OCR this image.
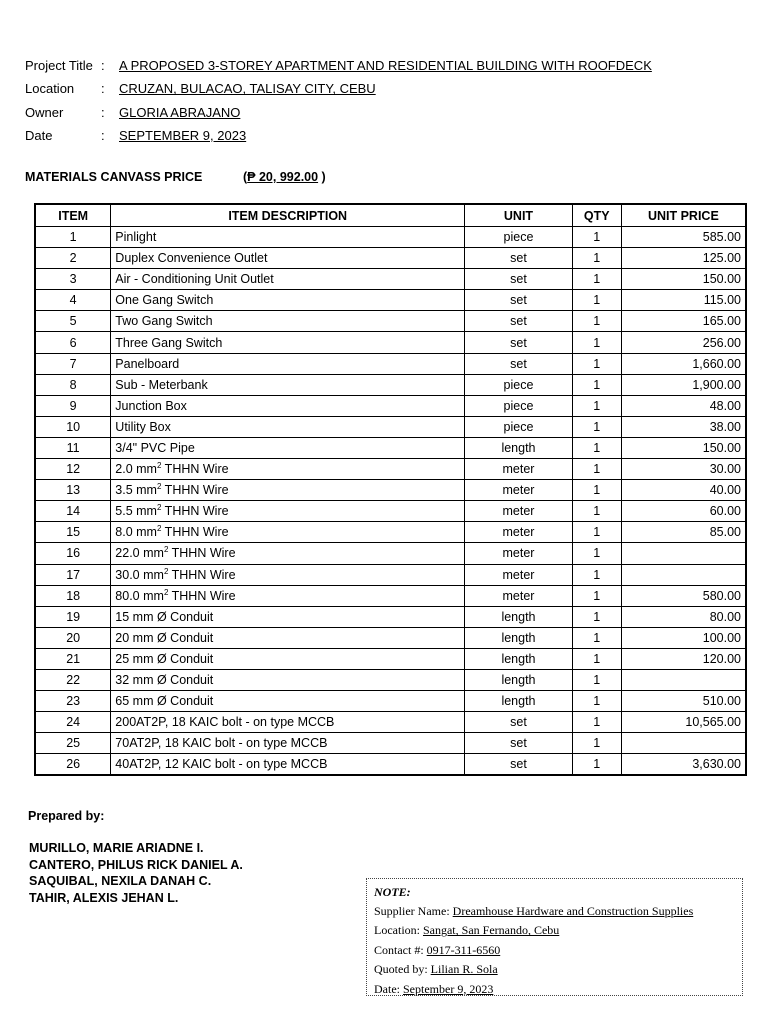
Project Title :	A PROPOSED 3-STOREY APARTMENT AND RESIDENTIAL BUILDING WITH ROOFDECK
Location	:	CRUZAN, BULACAO, TALISAY CITY, CEBU
Owner	:	GLORIA ABRAJANO
Date	:	SEPTEMBER 9, 2023
MATERIALS CANVASS PRICE	( ₱ 20, 992.00 )
ITEM	ITEM DESCRIPTION	UNIT	QTY	UNIT PRICE
1	Pinlight	piece	1	585.00
2	Duplex Convenience Outlet	set	1	125.00
3	Air - Conditioning Unit Outlet	set	1	150.00
4	One Gang Switch	set	1	115.00
5	Two Gang Switch	set	1	165.00
6	Three Gang Switch	set	1	256.00
7	Panelboard	set	1	1,660.00
8	Sub - Meterbank	piece	1	1,900.00
9	Junction Box	piece	1	48.00
10	Utility Box	piece	1	38.00
11	3/4" PVC Pipe	length	1	150.00
12	2.0 $mm^2$ THHN Wire	meter	1	30.00
13	3.5 $mm^2$ THHN Wire	meter	1	40.00
14	5.5 $mm^2$ THHN Wire	meter	1	60.00
15	8.0 $mm^2$ THHN Wire	meter	1	85.00
16	22.0 $mm^2$ THHN Wire	meter	1	
17	30.0 $mm^2$ THHN Wire	meter	1	
18	80.0 $mm^2$ THHN Wire	meter	1	580.00
19	15 mm Ø Conduit	length	1	80.00
20	20 mm Ø Conduit	length	1	100.00
21	25 mm Ø Conduit	length	1	120.00
22	32 mm Ø Conduit	length	1	
23	65 mm Ø Conduit	length	1	510.00
24	200AT2P, 18 KAIC bolt - on type MCCB	set	1	10,565.00
25	70AT2P, 18 KAIC bolt - on type MCCB	set	1	
26	40AT2P, 12 KAIC bolt - on type MCCB	set	1	3,630.00
Prepared by:
MURILLO, MARIE ARIADNE I.
CANTERO, PHILUS RICK DANIEL A.
SAQUIBAL, NEXILA DANAH C.
TAHIR, ALEXIS JEHAN L.	NOTE:
Supplier Name: Dreamhouse Hardware and Construction Supplies
Location: Sangat, San Fernando, Cebu
Contact #: 0917-311-6560
Quoted by: Lilian R. Sola
Date: September 9, 2023
